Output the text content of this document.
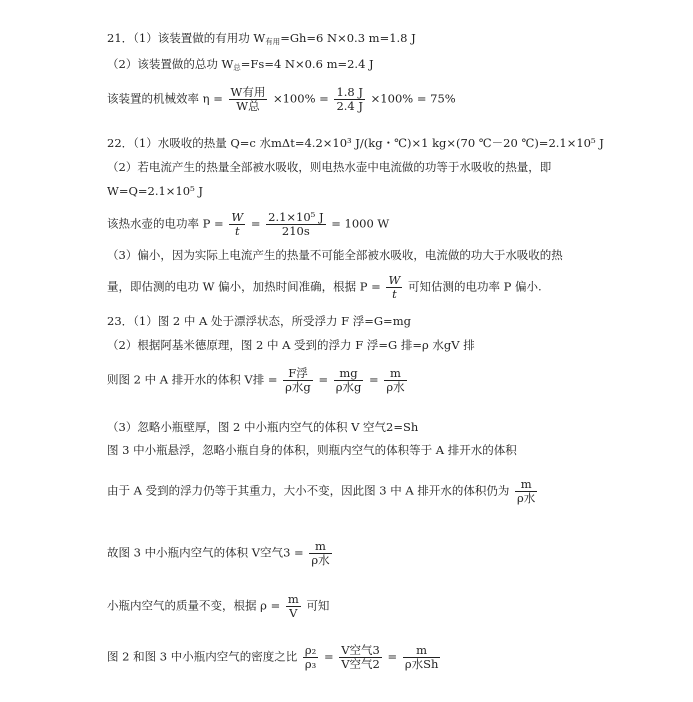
21．（1）该装置做的有用功 W有用=Gh=6 N×0.3 m=1.8 J
（2）该装置做的总功 W总=Fs=4 N×0.6 m=2.4 J
该装置的机械效率 $\eta = \frac{\text{W有用}}{\text{W总}} \times 100\% = \frac{1.8 J}{2.4 J} \times 100\% = 75\%$
22．（1）水吸收的热量 Q=c 水mΔt=4.2×10³ J/(kg・℃)×1 kg×(70 ℃－20 ℃)=2.1×10⁵ J
（2）若电流产生的热量全部被水吸收，则电热水壶中电流做的功等于水吸收的热量，即
W=Q=2.1×10⁵ J
该热水壶的电功率 $P = \frac{W}{t} = \frac{\text{2.1×10⁵ J}}{210s} = 1000$ W
（3）偏小，因为实际上电流产生的热量不可能全部被水吸收，电流做的功大于水吸收的热
量，即估测的电功 W 偏小，加热时间准确，根据 $P = \frac{W}{t}$ 可知估测的电功率 P 偏小.
23．（1）图 2 中 A 处于漂浮状态，所受浮力 F 浮=G=mg
（2）根据阿基米德原理，图 2 中 A 受到的浮力 F 浮=G 排=ρ 水gV 排
则图 2 中 A 排开水的体积 V排 = $\frac{\text{F浮}}{\text{ρ水g}} = \frac{mg}{\text{ρ水g}} = \frac{m}{\text{ρ水}}$
（3）忽略小瓶壁厚，图 2 中小瓶内空气的体积 V 空气2=Sh
图 3 中小瓶悬浮，忽略小瓶自身的体积，则瓶内空气的体积等于 A 排开水的体积
由于 A 受到的浮力仍等于其重力，大小不变，因此图 3 中 A 排开水的体积仍为 $\frac{m}{\text{ρ水}}$
故图 3 中小瓶内空气的体积 V空气$3 = \frac{m}{\text{ρ水}}$
小瓶内空气的质量不变，根据 $\rho = \frac{m}{V}$ 可知
图 2 和图 3 中小瓶内空气的密度之比 $\frac{\text{ρ₂}}{\text{ρ₃}} = \frac{\text{V空气3}}{\text{V空气2}} = \frac{m}{\text{ρ水Sh}}$
